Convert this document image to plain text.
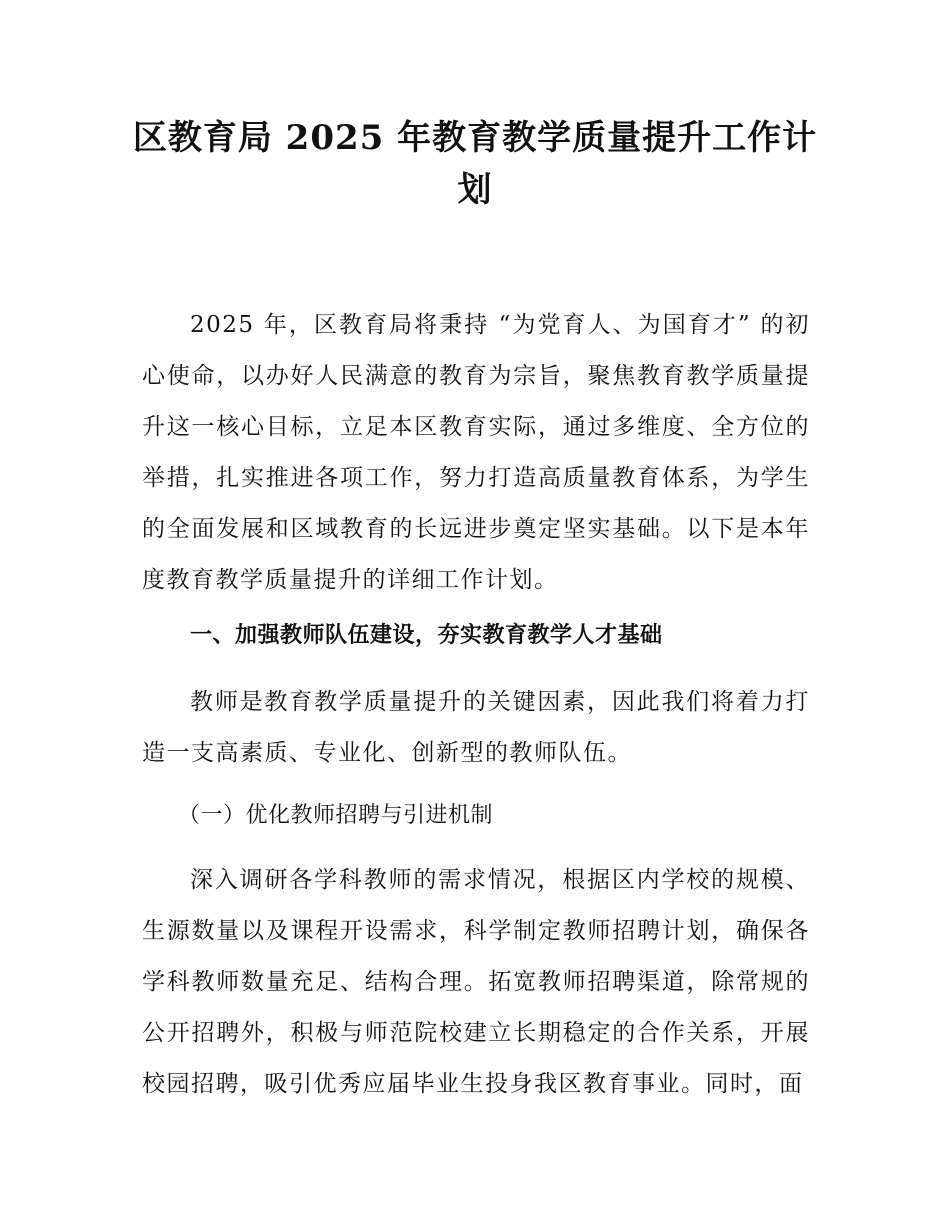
区教育局 2025 年教育教学质量提升工作计划

2025 年，区教育局将秉持 “为党育人、为国育才” 的初心使命，以办好人民满意的教育为宗旨，聚焦教育教学质量提升这一核心目标，立足本区教育实际，通过多维度、全方位的举措，扎实推进各项工作，努力打造高质量教育体系，为学生的全面发展和区域教育的长远进步奠定坚实基础。以下是本年度教育教学质量提升的详细工作计划。

一、加强教师队伍建设，夯实教育教学人才基础

教师是教育教学质量提升的关键因素，因此我们将着力打造一支高素质、专业化、创新型的教师队伍。

（一）优化教师招聘与引进机制

深入调研各学科教师的需求情况，根据区内学校的规模、生源数量以及课程开设需求，科学制定教师招聘计划，确保各学科教师数量充足、结构合理。拓宽教师招聘渠道，除常规的公开招聘外，积极与师范院校建立长期稳定的合作关系，开展校园招聘，吸引优秀应届毕业生投身我区教育事业。同时，面
